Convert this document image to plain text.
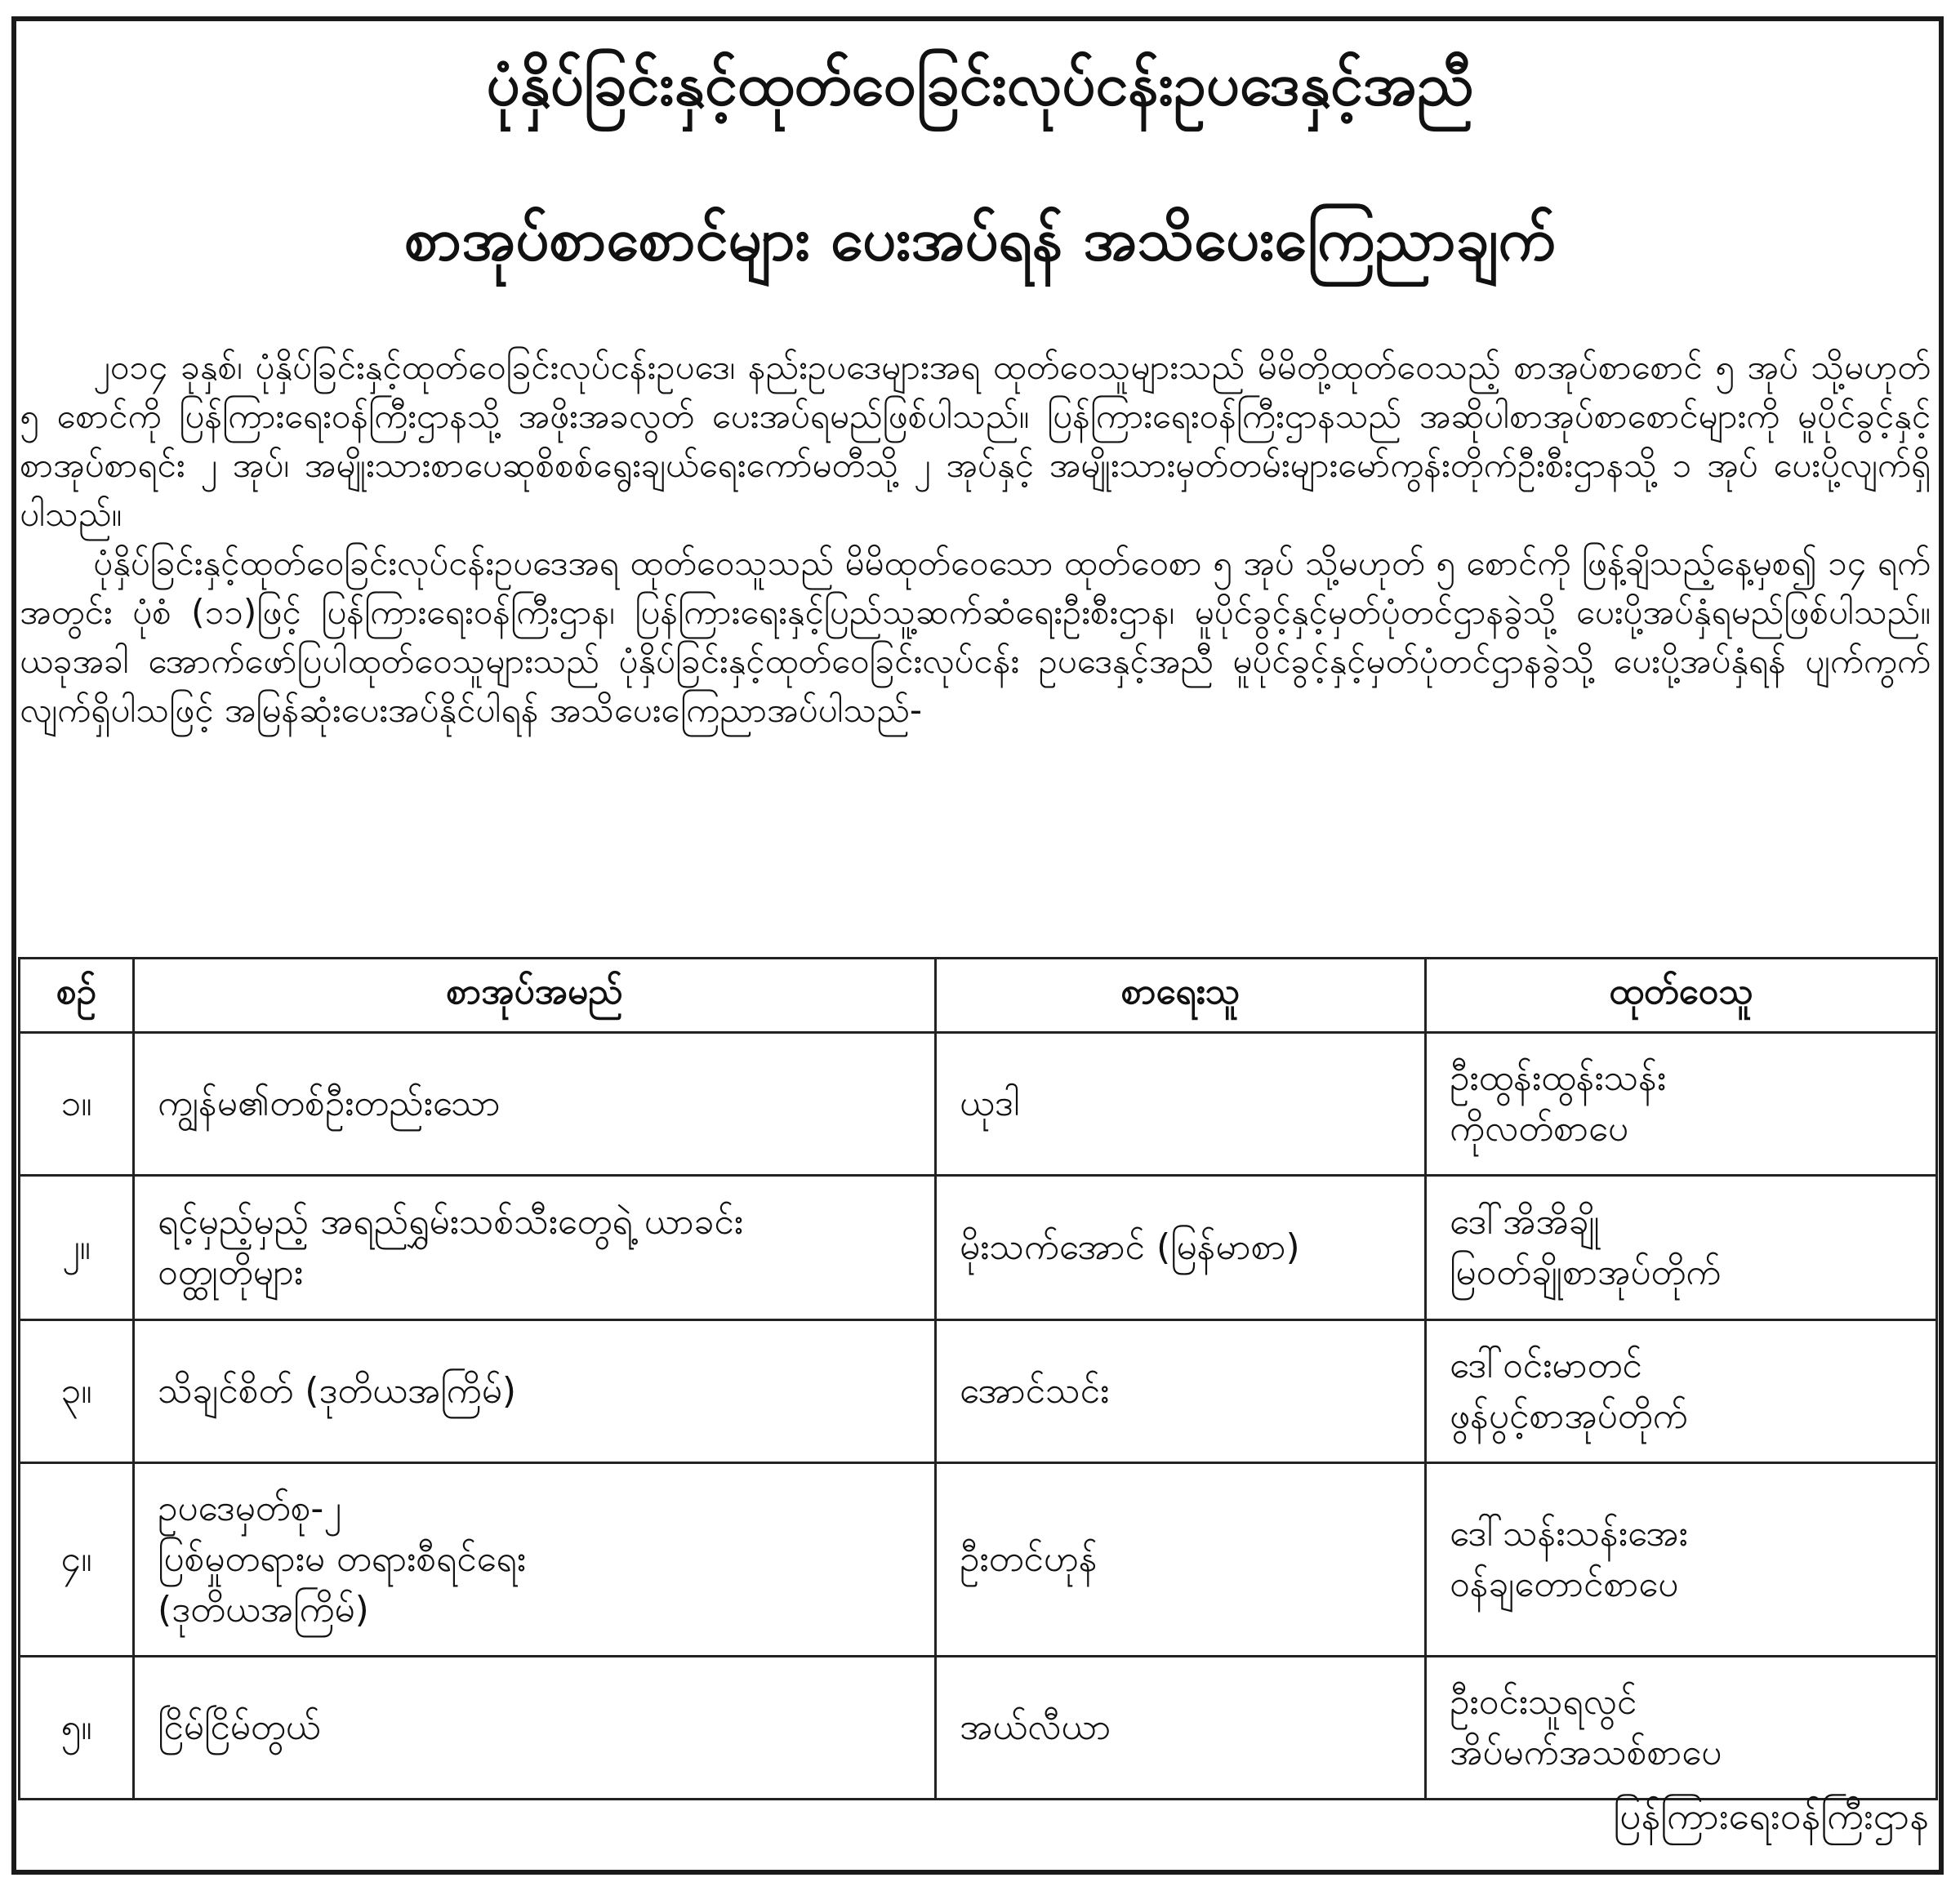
ပုံနှိပ်ခြင်းနှင့်ထုတ်ဝေခြင်းလုပ်ငန်းဥပဒေနှင့်အညီ
စာအုပ်စာစောင်များ ပေးအပ်ရန် အသိပေးကြေညာချက်

၂၀၁၄ ခုနှစ်၊ ပုံနှိပ်ခြင်းနှင့်ထုတ်ဝေခြင်းလုပ်ငန်းဥပဒေ၊ နည်းဥပဒေများအရ ထုတ်ဝေသူများသည် မိမိတို့ထုတ်ဝေသည့် စာအုပ်စာစောင် ၅ အုပ် သို့မဟုတ် ၅ စောင်ကို ပြန်ကြားရေးဝန်ကြီးဌာနသို့ အဖိုးအခလွတ် ပေးအပ်ရမည်ဖြစ်ပါသည်။ ပြန်ကြားရေးဝန်ကြီးဌာနသည် အဆိုပါစာအုပ်စာစောင်များကို မူပိုင်ခွင့်နှင့်စာအုပ်စာရင်း ၂ အုပ်၊ အမျိုးသားစာပေဆုစိစစ်ရွေးချယ်ရေးကော်မတီသို့ ၂ အုပ်နှင့် အမျိုးသားမှတ်တမ်းများမော်ကွန်းတိုက်ဦးစီးဌာနသို့ ၁ အုပ် ပေးပို့လျက်ရှိပါသည်။

ပုံနှိပ်ခြင်းနှင့်ထုတ်ဝေခြင်းလုပ်ငန်းဥပဒေအရ ထုတ်ဝေသူသည် မိမိထုတ်ဝေသော ထုတ်ဝေစာ ၅ အုပ် သို့မဟုတ် ၅ စောင်ကို ဖြန့်ချိသည့်နေ့မှစ၍ ၁၄ ရက်အတွင်း ပုံစံ (၁၁)ဖြင့် ပြန်ကြားရေးဝန်ကြီးဌာန၊ ပြန်ကြားရေးနှင့်ပြည်သူ့ဆက်ဆံရေးဦးစီးဌာန၊ မူပိုင်ခွင့်နှင့်မှတ်ပုံတင်ဌာနခွဲသို့ ပေးပို့အပ်နှံရမည်ဖြစ်ပါသည်။ ယခုအခါ အောက်ဖော်ပြပါထုတ်ဝေသူများသည် ပုံနှိပ်ခြင်းနှင့်ထုတ်ဝေခြင်းလုပ်ငန်း ဥပဒေနှင့်အညီ မူပိုင်ခွင့်နှင့်မှတ်ပုံတင်ဌာနခွဲသို့ ပေးပို့အပ်နှံရန် ပျက်ကွက်လျက်ရှိပါသဖြင့် အမြန်ဆုံးပေးအပ်နိုင်ပါရန် အသိပေးကြေညာအပ်ပါသည်-

စဉ်	စာအုပ်အမည်	စာရေးသူ	ထုတ်ဝေသူ
၁။	ကျွန်မ၏တစ်ဦးတည်းသော	ယုဒါ	ဦးထွန်းထွန်းသန်း
ကိုလတ်စာပေ

၂။	ရင့်မှည့်မှည့် အရည်ရွှမ်းသစ်သီးတွေရဲ့ ယာခင်း
ဝတ္ထုတိုများ	မိုးသက်အောင် (မြန်မာစာ)	ဒေါ်အိအိချို
မြဝတ်ချိုစာအုပ်တိုက်

၃။	သိချင်စိတ် (ဒုတိယအကြိမ်)	အောင်သင်း	ဒေါ်ဝင်းမာတင်
ဖွန်ပွင့်စာအုပ်တိုက်

၄။	ဥပဒေမှတ်စု-၂
ပြစ်မှုတရားမ တရားစီရင်ရေး
(ဒုတိယအကြိမ်)	ဦးတင်ဟုန်	ဒေါ်သန်းသန်းအေး
ဝန်ချတောင်စာပေ

၅။	ငြိမ်ငြိမ်တွယ်	အယ်လီယာ	ဦးဝင်းသူရလွင်
အိပ်မက်အသစ်စာပေ
ပြန်ကြားရေးဝန်ကြီးဌာန
